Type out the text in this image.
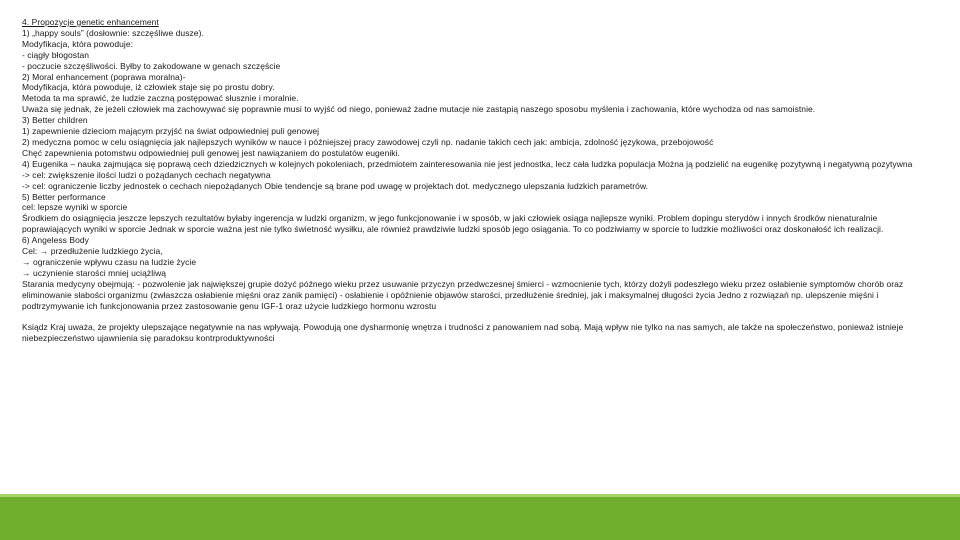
4. Propozycje genetic enhancement
1) „happy souls” (dosłownie: szczęśliwe dusze).
Modyfikacja, która powoduje:
- ciągły błogostan
- poczucie szczęśliwości. Byłby to zakodowane w genach szczęście
2) Moral enhancement (poprawa moralna)-
Modyfikacja, która powoduje, iż człowiek staje się po prostu dobry.
Metoda ta ma sprawić, że ludzie zaczną postępować słusznie i moralnie.
Uważa się jednak, że jeżeli człowiek ma zachowywać się poprawnie musi to wyjść od niego, ponieważ żadne mutacje nie zastąpią naszego sposobu myślenia i zachowania, które wychodza od nas samoistnie.
3) Better children
1) zapewnienie dzieciom mającym przyjść na świat odpowiedniej puli genowej
2) medyczna pomoc w celu osiągnięcia jak najlepszych wyników w nauce i późniejszej pracy zawodowej czyli np. nadanie takich cech jak: ambicja, zdolność językowa, przebojowość
Chęć zapewnienia potomstwu odpowiedniej puli genowej jest nawiązaniem do postulatów eugeniki.
4) Eugenika – nauka zajmująca się poprawą cech dziedzicznych w kolejnych pokoleniach, przedmiotem zainteresowania nie jest jednostka, lecz cała ludzka populacja Można ją podzielić na eugenikę pozytywną i negatywną pozytywna
-> cel: zwiększenie ilości ludzi o pożądanych cechach negatywna
-> cel: ograniczenie liczby jednostek o cechach niepożądanych Obie tendencje są brane pod uwagę w projektach dot. medycznego ulepszania ludzkich parametrów.
5) Better performance
cel: lepsze wyniki w sporcie
Środkiem do osiągnięcia jeszcze lepszych rezultatów byłaby ingerencja w ludzki organizm, w jego funkcjonowanie i w sposób, w jaki człowiek osiąga najlepsze wyniki. Problem dopingu sterydów i innych środków nienaturalnie poprawiających wyniki w sporcie Jednak w sporcie ważna jest nie tylko świetność wysiłku, ale również prawdziwie ludzki sposób jego osiągania. To co podziwiamy w sporcie to ludzkie możliwości oraz doskonałość ich realizacji.
6) Angeless Body
Cel: → przedłużenie ludzkiego życia,
→ ograniczenie wpływu czasu na ludzie życie
→ uczynienie starości mniej uciążliwą
Starania medycyny obejmują: - pozwolenie jak największej grupie dożyć późnego wieku przez usuwanie przyczyn przedwczesnej śmierci - wzmocnienie tych, którzy dożyli podeszłego wieku przez osłabienie symptomów chorób oraz eliminowanie słabości organizmu (zwłaszcza osłabienie mięśni oraz zanik pamięci) - osłabienie i opóźnienie objawów starości, przedłużenie średniej, jak i maksymalnej długości życia Jedno z rozwiązań np. ulepszenie mięśni i podtrzymywanie ich funkcjonowania przez zastosowanie genu IGF-1 oraz użycie ludzkiego hormonu wzrostu
Ksiądz Kraj uważa, że projekty ulepszające negatywnie na nas wpływają. Powodują one dysharmonię wnętrza i trudności z panowaniem nad sobą. Mają wpływ nie tylko na nas samych, ale także na społeczeństwo, ponieważ istnieje niebezpieczeństwo ujawnienia się paradoksu kontrproduktywności
